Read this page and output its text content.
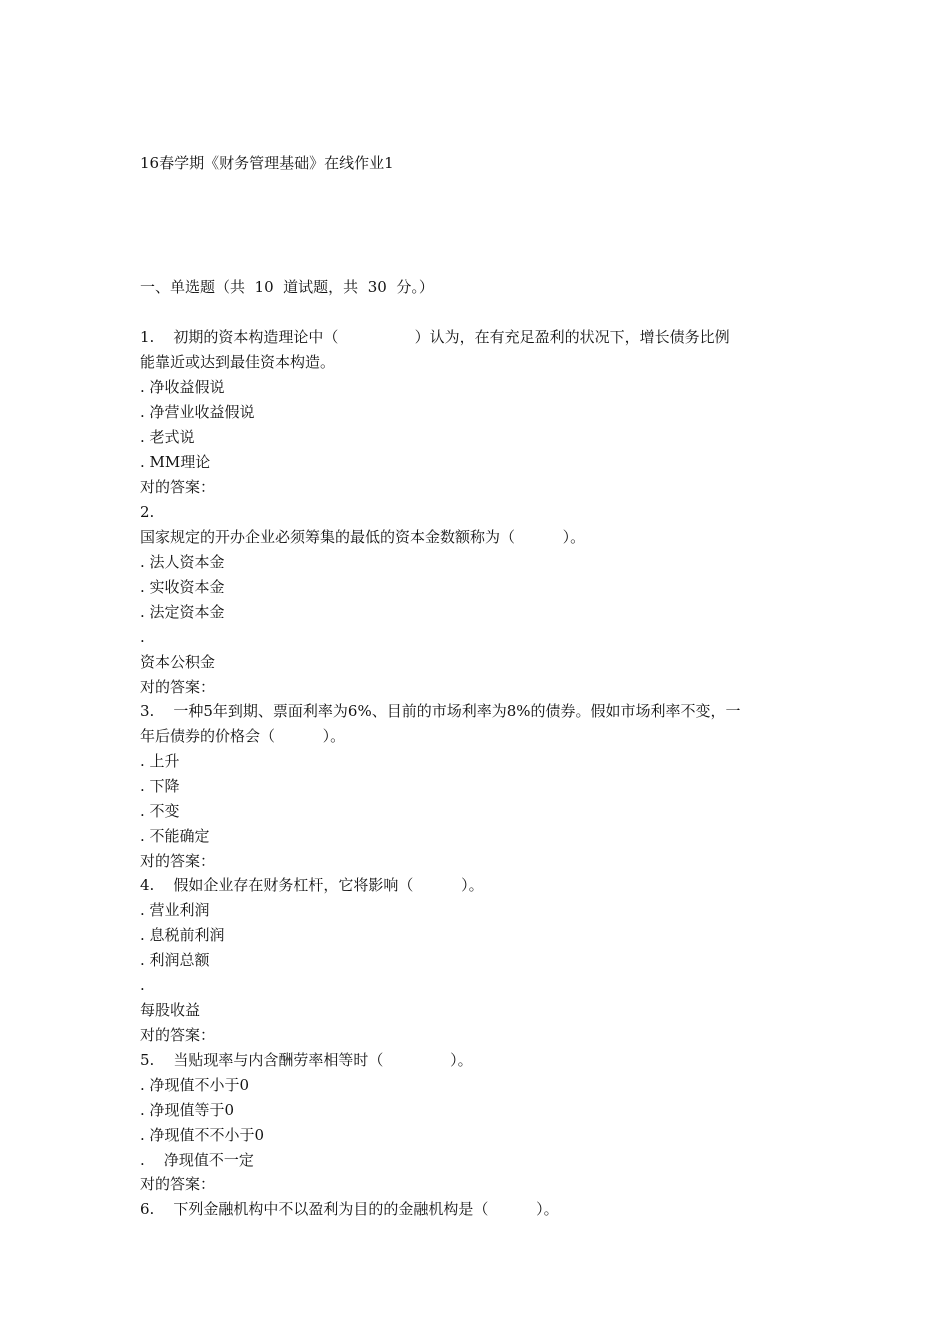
16春学期《财务管理基础》在线作业1
一、单选题（共  10  道试题，共  30  分。）
1.    初期的资本构造理论中（                ）认为，在有充足盈利的状况下，增长债务比例
能靠近或达到最佳资本构造。
. 净收益假说
. 净营业收益假说
. 老式说
. MM理论
对的答案：
2.
国家规定的开办企业必须筹集的最低的资本金数额称为（          ）。
. 法人资本金
. 实收资本金
. 法定资本金
.
资本公积金
对的答案：
3.    一种5年到期、票面利率为6%、目前的市场利率为8%的债券。假如市场利率不变，一
年后债券的价格会（          ）。
. 上升
. 下降
. 不变
. 不能确定
对的答案：
4.    假如企业存在财务杠杆，它将影响（          ）。
. 营业利润
. 息税前利润
. 利润总额
.
每股收益
对的答案：
5.    当贴现率与内含酬劳率相等时（              ）。
. 净现值不小于0
. 净现值等于0
. 净现值不不小于0
.    净现值不一定
对的答案：
6.    下列金融机构中不以盈利为目的的金融机构是（          ）。
